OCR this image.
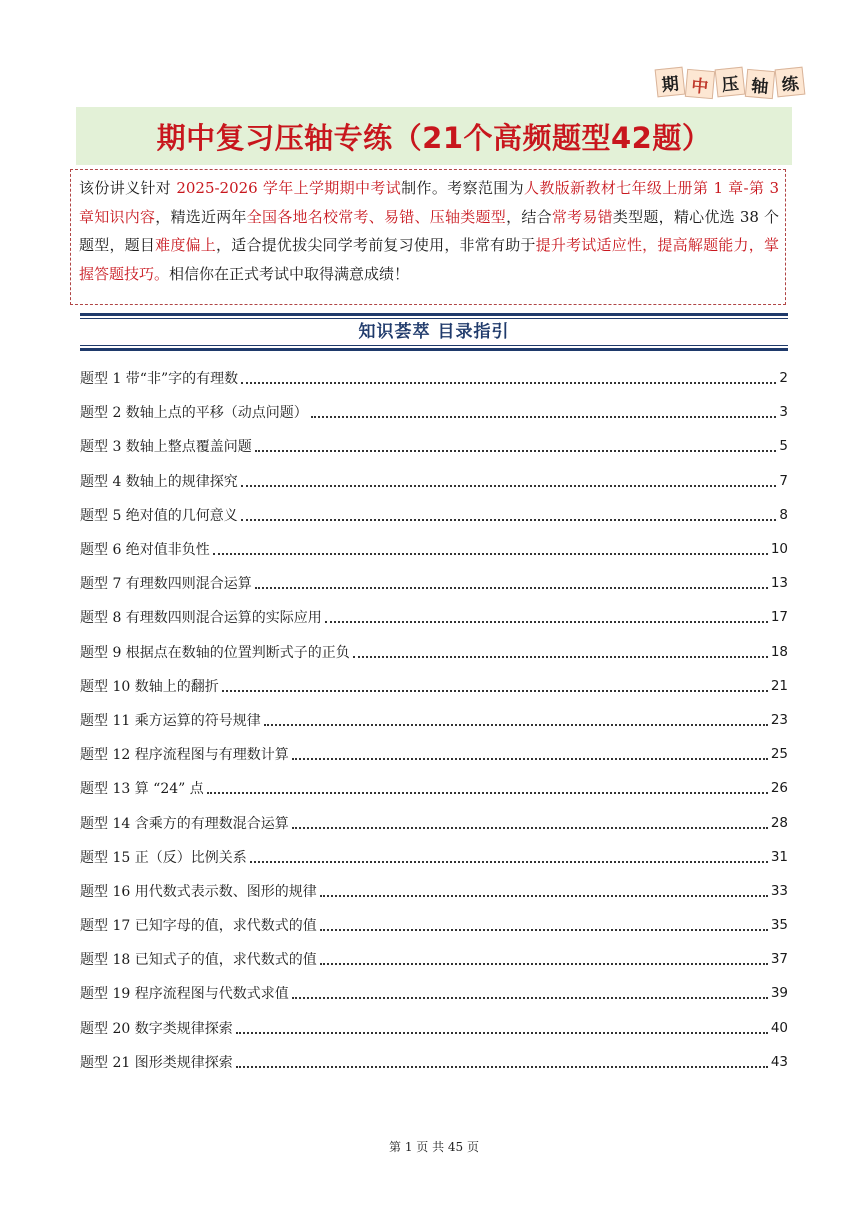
期 中 压 轴 练
期中复习压轴专练（21个高频题型42题）
该份讲义针对 2025-2026 学年上学期期中考试制作。考察范围为人教版新教材七年级上册第 1 章-第 3 章知识内容，精选近两年全国各地名校常考、易错、压轴类题型，结合常考易错类型题，精心优选 38 个题型，题目难度偏上，适合提优拔尖同学考前复习使用，非常有助于提升考试适应性，提高解题能力，掌握答题技巧。相信你在正式考试中取得满意成绩！
知识荟萃 目录指引
题型 1 带“非”字的有理数	2
题型 2 数轴上点的平移（动点问题）	3
题型 3 数轴上整点覆盖问题	5
题型 4 数轴上的规律探究	7
题型 5 绝对值的几何意义	8
题型 6 绝对值非负性	10
题型 7 有理数四则混合运算	13
题型 8 有理数四则混合运算的实际应用	17
题型 9 根据点在数轴的位置判断式子的正负	18
题型 10 数轴上的翻折	21
题型 11 乘方运算的符号规律	23
题型 12 程序流程图与有理数计算	25
题型 13 算 “24” 点	26
题型 14 含乘方的有理数混合运算	28
题型 15 正（反）比例关系	31
题型 16 用代数式表示数、图形的规律	33
题型 17 已知字母的值，求代数式的值	35
题型 18 已知式子的值，求代数式的值	37
题型 19 程序流程图与代数式求值	39
题型 20 数字类规律探索	40
题型 21 图形类规律探索	43
第 1 页 共 45 页
